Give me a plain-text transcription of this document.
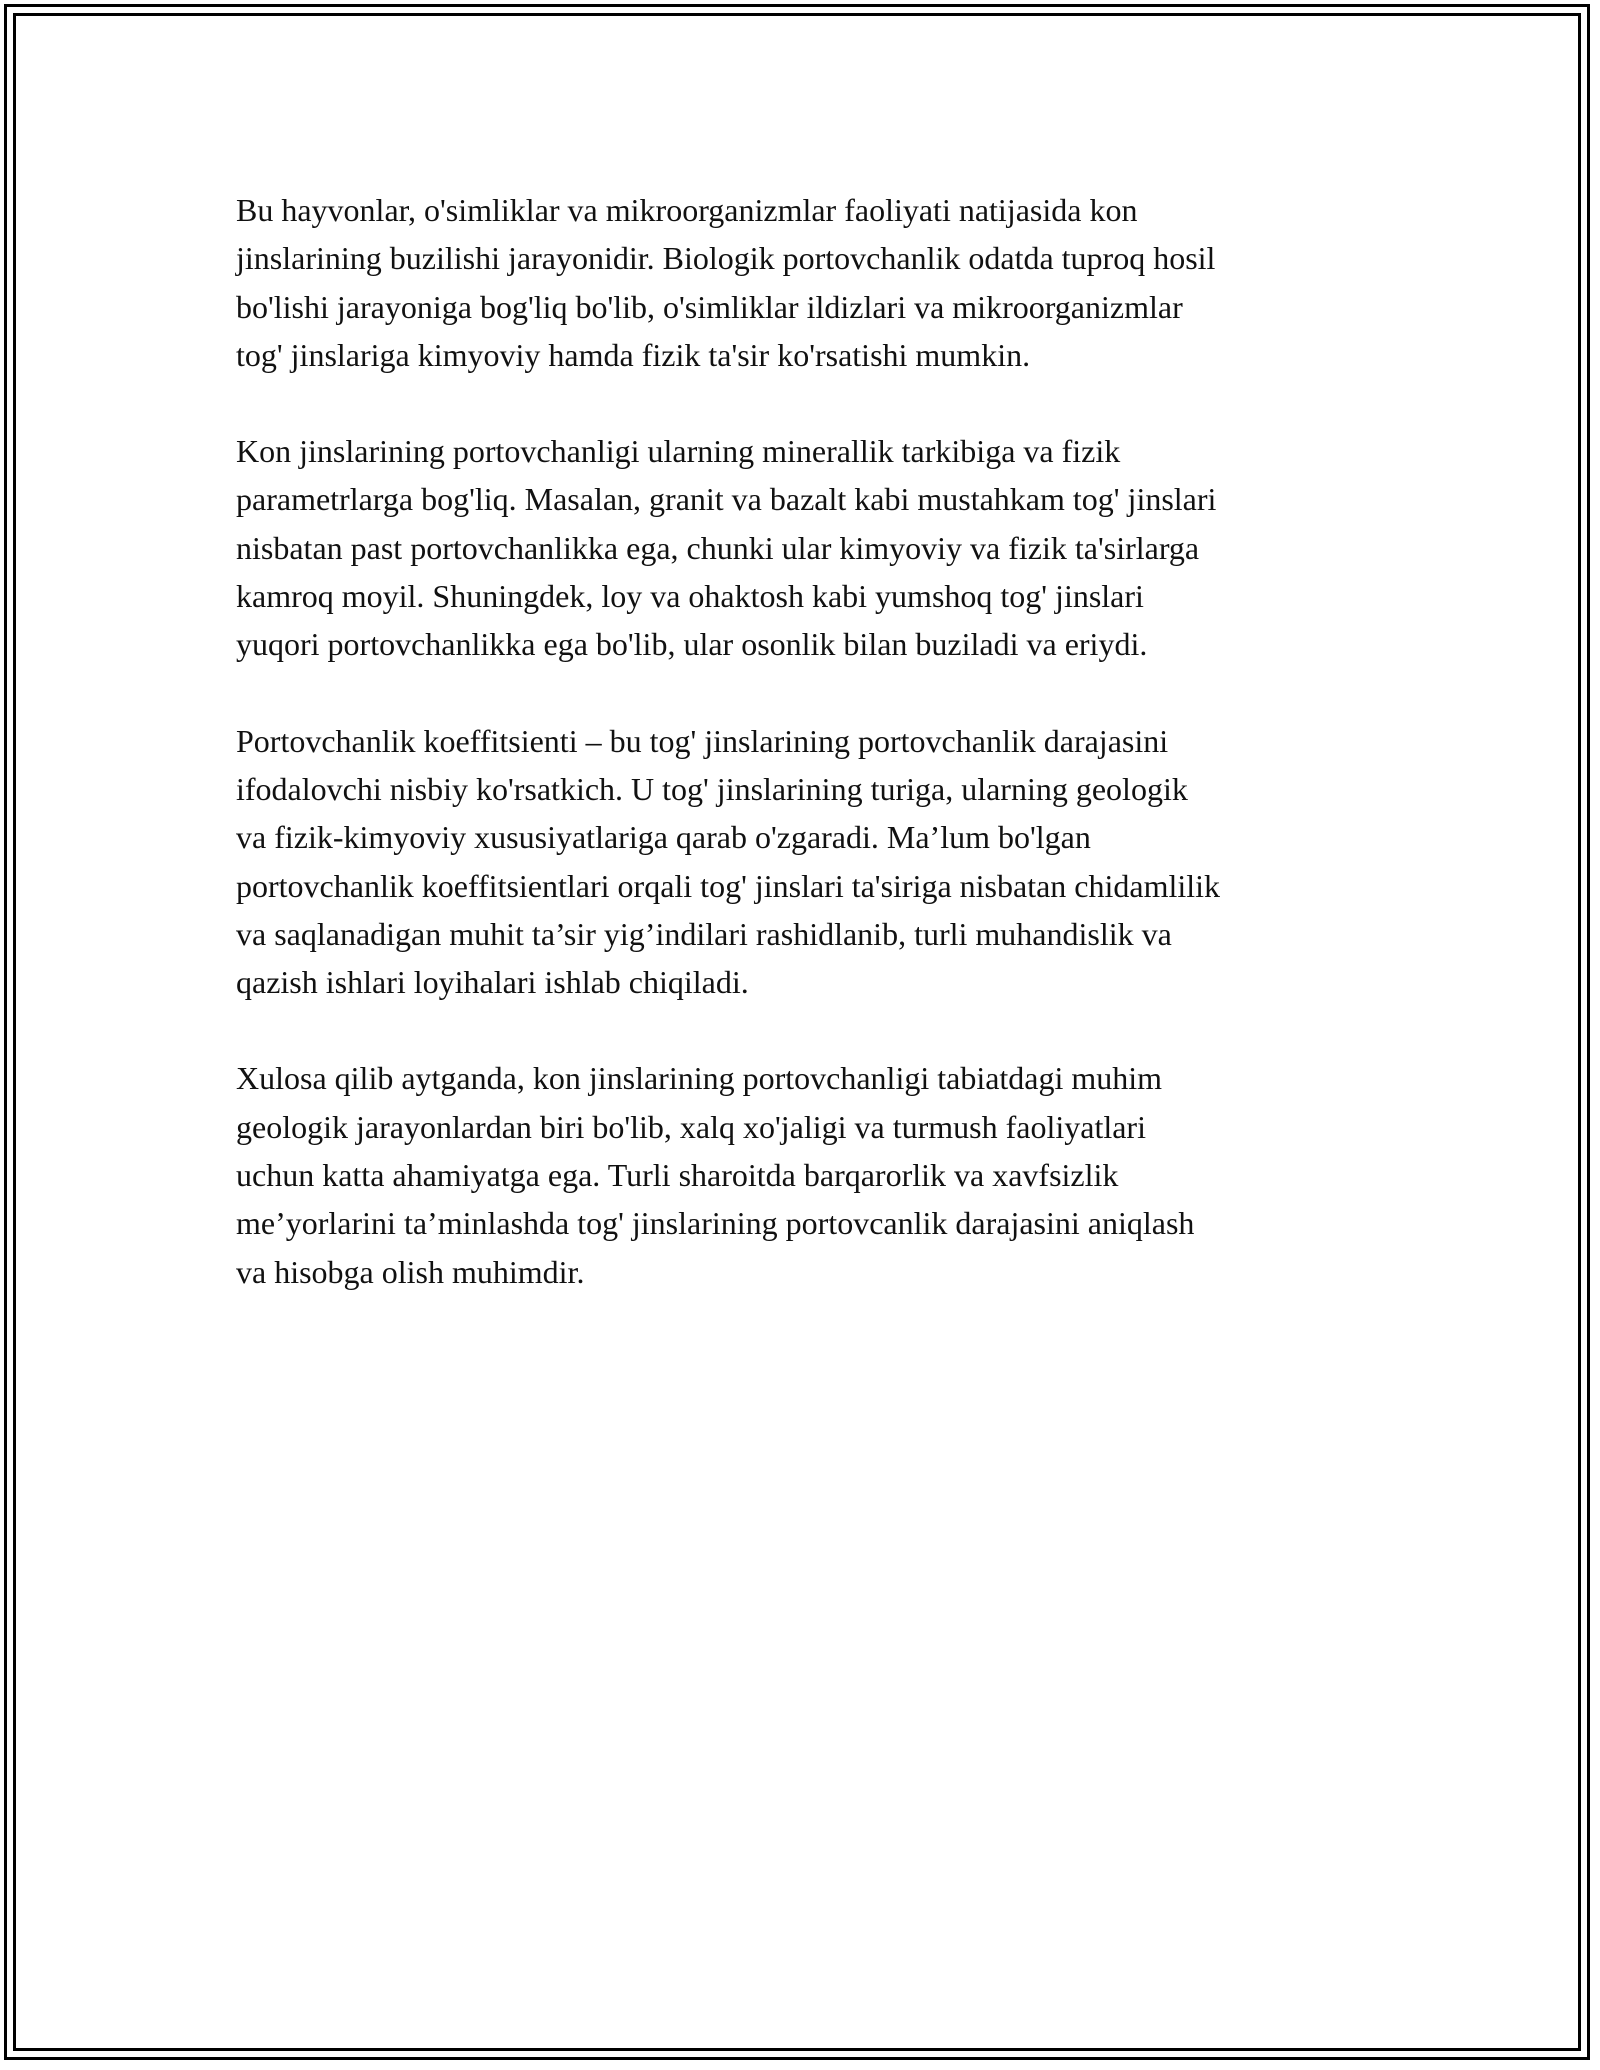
Bu hayvonlar, o'simliklar va mikroorganizmlar faoliyati natijasida kon
jinslarining buzilishi jarayonidir. Biologik portovchanlik odatda tuproq hosil
bo'lishi jarayoniga bog'liq bo'lib, o'simliklar ildizlari va mikroorganizmlar
tog' jinslariga kimyoviy hamda fizik ta'sir ko'rsatishi mumkin.

Kon jinslarining portovchanligi ularning minerallik tarkibiga va fizik
parametrlarga bog'liq. Masalan, granit va bazalt kabi mustahkam tog' jinslari
nisbatan past portovchanlikka ega, chunki ular kimyoviy va fizik ta'sirlarga
kamroq moyil. Shuningdek, loy va ohaktosh kabi yumshoq tog' jinslari
yuqori portovchanlikka ega bo'lib, ular osonlik bilan buziladi va eriydi.

Portovchanlik koeffitsienti – bu tog' jinslarining portovchanlik darajasini
ifodalovchi nisbiy ko'rsatkich. U tog' jinslarining turiga, ularning geologik
va fizik-kimyoviy xususiyatlariga qarab o'zgaradi. Ma’lum bo'lgan
portovchanlik koeffitsientlari orqali tog' jinslari ta'siriga nisbatan chidamlilik
va saqlanadigan muhit ta’sir yig’indilari rashidlanib, turli muhandislik va
qazish ishlari loyihalari ishlab chiqiladi.

Xulosa qilib aytganda, kon jinslarining portovchanligi tabiatdagi muhim
geologik jarayonlardan biri bo'lib, xalq xo'jaligi va turmush faoliyatlari
uchun katta ahamiyatga ega. Turli sharoitda barqarorlik va xavfsizlik
me’yorlarini ta’minlashda tog' jinslarining portovcanlik darajasini aniqlash
va hisobga olish muhimdir.
